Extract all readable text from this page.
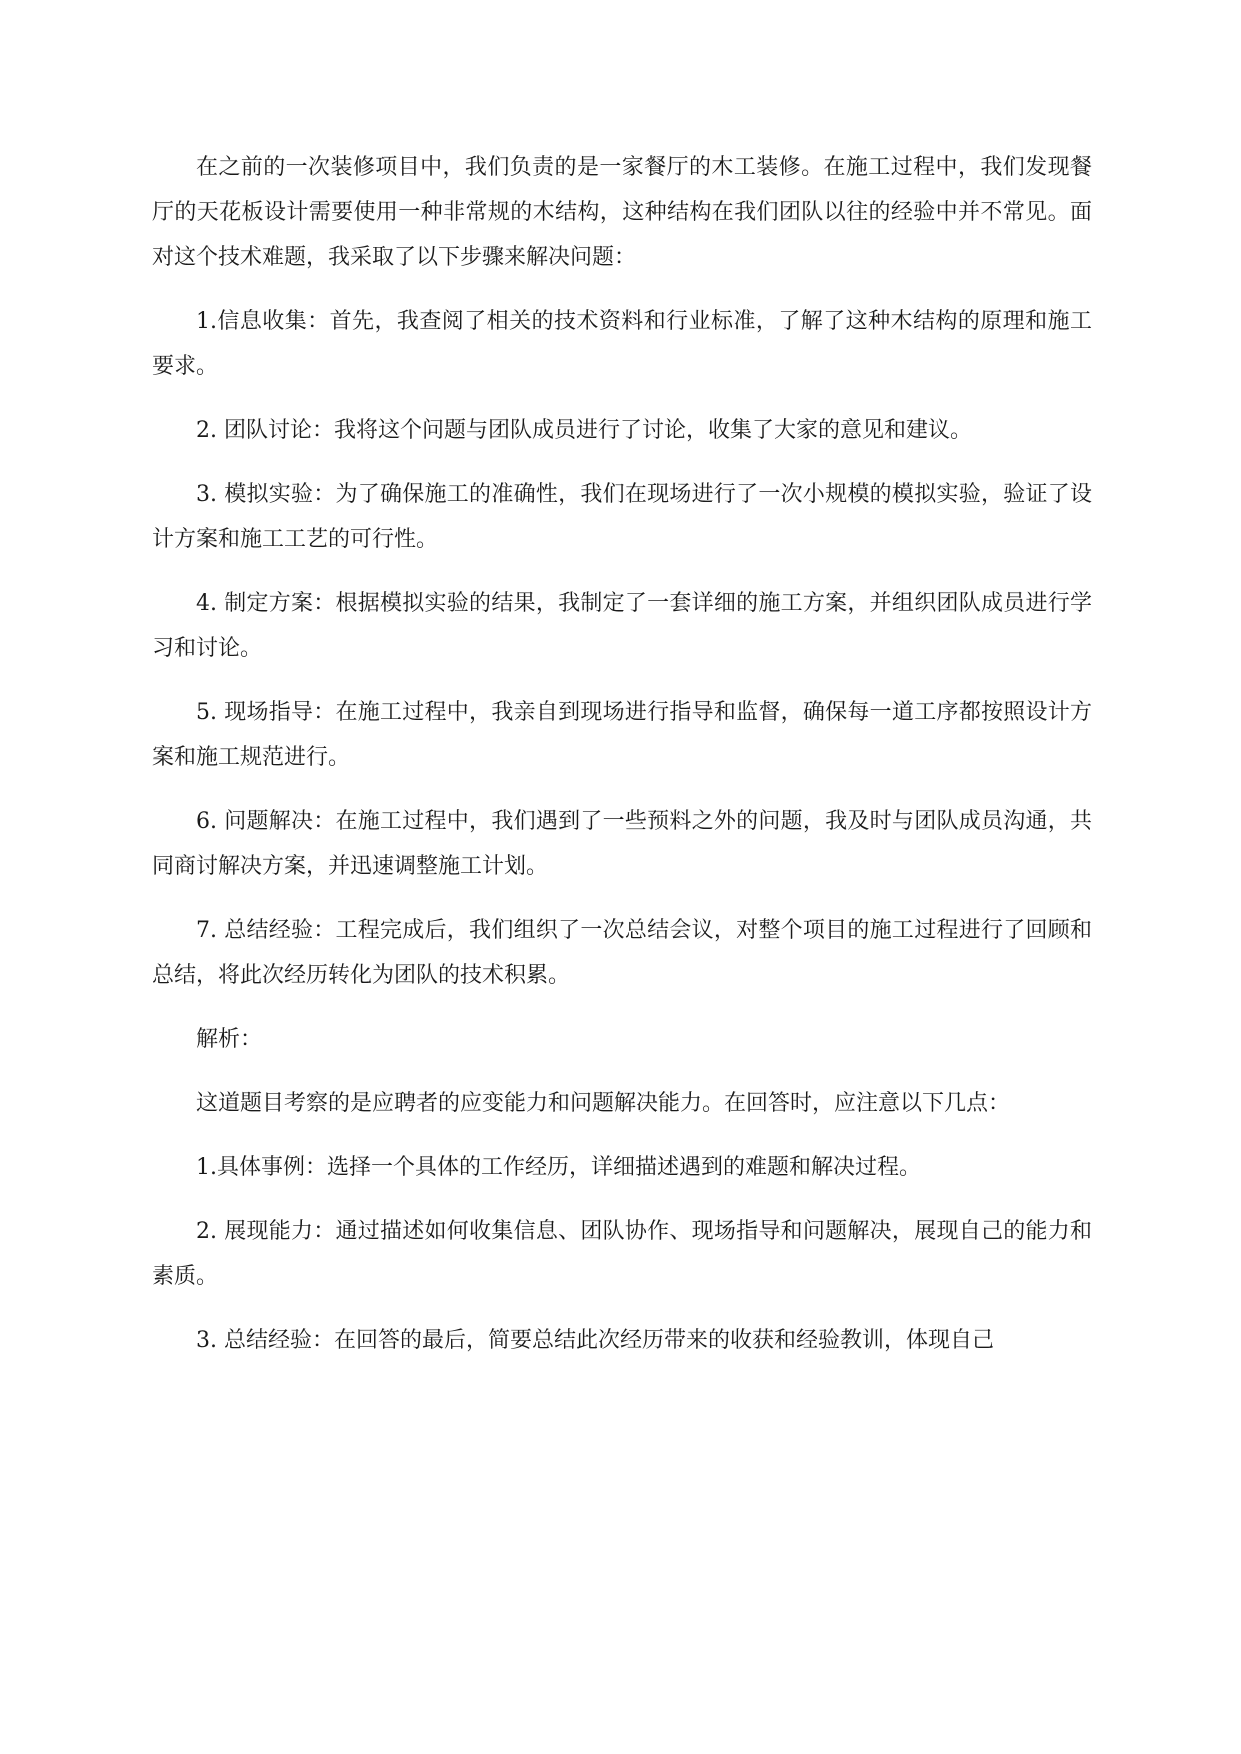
在之前的一次装修项目中，我们负责的是一家餐厅的木工装修。在施工过程中，我们发现餐厅的天花板设计需要使用一种非常规的木结构，这种结构在我们团队以往的经验中并不常见。面对这个技术难题，我采取了以下步骤来解决问题：

1.信息收集：首先，我查阅了相关的技术资料和行业标准，了解了这种木结构的原理和施工要求。

2. 团队讨论：我将这个问题与团队成员进行了讨论，收集了大家的意见和建议。

3. 模拟实验：为了确保施工的准确性，我们在现场进行了一次小规模的模拟实验，验证了设计方案和施工工艺的可行性。

4. 制定方案：根据模拟实验的结果，我制定了一套详细的施工方案，并组织团队成员进行学习和讨论。

5. 现场指导：在施工过程中，我亲自到现场进行指导和监督，确保每一道工序都按照设计方案和施工规范进行。

6. 问题解决：在施工过程中，我们遇到了一些预料之外的问题，我及时与团队成员沟通，共同商讨解决方案，并迅速调整施工计划。

7. 总结经验：工程完成后，我们组织了一次总结会议，对整个项目的施工过程进行了回顾和总结，将此次经历转化为团队的技术积累。

解析：

这道题目考察的是应聘者的应变能力和问题解决能力。在回答时，应注意以下几点：

1.具体事例：选择一个具体的工作经历，详细描述遇到的难题和解决过程。

2. 展现能力：通过描述如何收集信息、团队协作、现场指导和问题解决，展现自己的能力和素质。

3. 总结经验：在回答的最后，简要总结此次经历带来的收获和经验教训，体现自己
